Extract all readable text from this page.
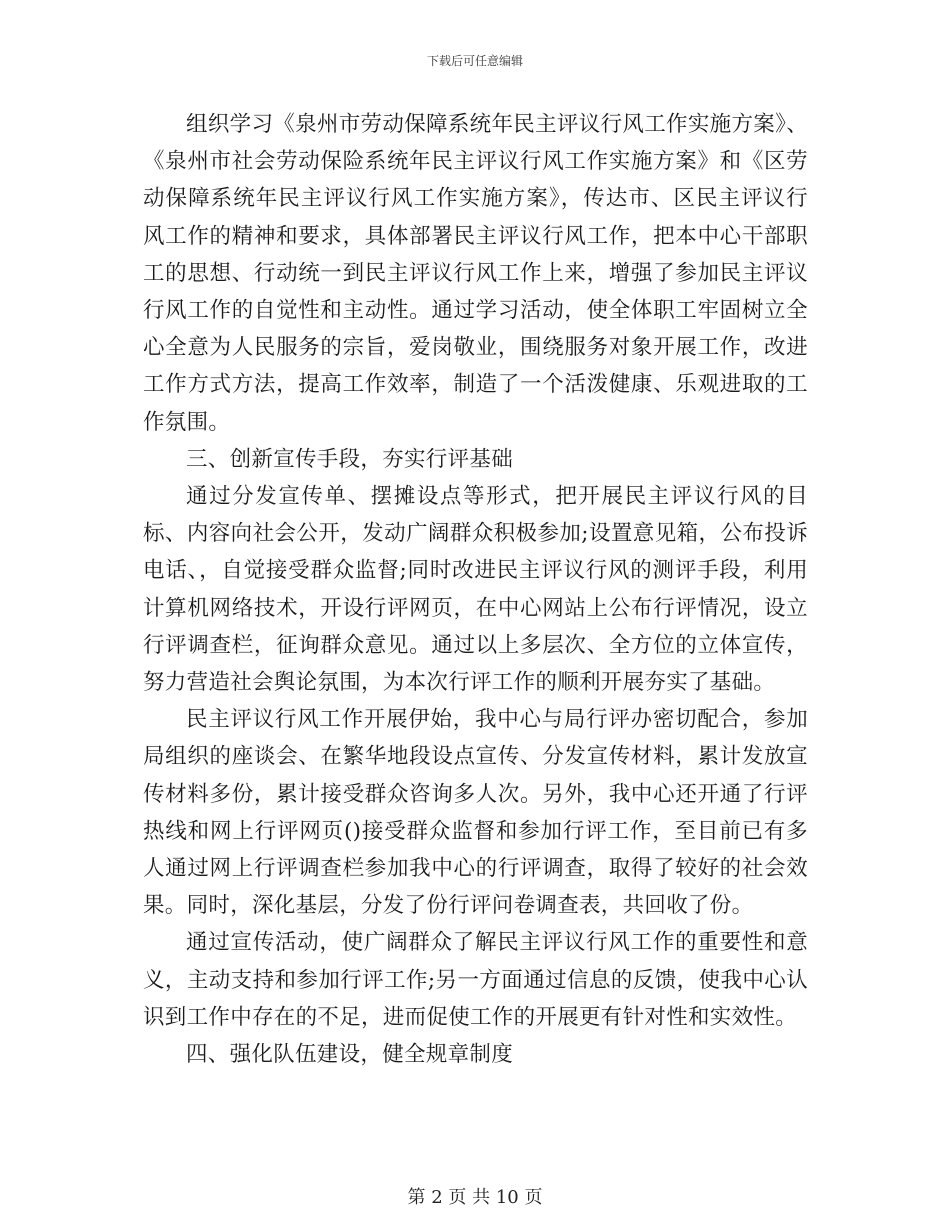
下载后可任意编辑

组织学习《泉州市劳动保障系统年民主评议行风工作实施方案》、《泉州市社会劳动保险系统年民主评议行风工作实施方案》和《区劳动保障系统年民主评议行风工作实施方案》，传达市、区民主评议行风工作的精神和要求，具体部署民主评议行风工作，把本中心干部职工的思想、行动统一到民主评议行风工作上来，增强了参加民主评议行风工作的自觉性和主动性。通过学习活动，使全体职工牢固树立全心全意为人民服务的宗旨，爱岗敬业，围绕服务对象开展工作，改进工作方式方法，提高工作效率，制造了一个活泼健康、乐观进取的工作氛围。

三、创新宣传手段，夯实行评基础

通过分发宣传单、摆摊设点等形式，把开展民主评议行风的目标、内容向社会公开，发动广阔群众积极参加;设置意见箱，公布投诉电话、，自觉接受群众监督;同时改进民主评议行风的测评手段，利用计算机网络技术，开设行评网页，在中心网站上公布行评情况，设立行评调查栏，征询群众意见。通过以上多层次、全方位的立体宣传，努力营造社会舆论氛围，为本次行评工作的顺利开展夯实了基础。

民主评议行风工作开展伊始，我中心与局行评办密切配合，参加局组织的座谈会、在繁华地段设点宣传、分发宣传材料，累计发放宣传材料多份，累计接受群众咨询多人次。另外，我中心还开通了行评热线和网上行评网页()接受群众监督和参加行评工作，至目前已有多人通过网上行评调查栏参加我中心的行评调查，取得了较好的社会效果。同时，深化基层，分发了份行评问卷调查表，共回收了份。

通过宣传活动，使广阔群众了解民主评议行风工作的重要性和意义，主动支持和参加行评工作;另一方面通过信息的反馈，使我中心认识到工作中存在的不足，进而促使工作的开展更有针对性和实效性。

四、强化队伍建设，健全规章制度

第 2 页 共 10 页
